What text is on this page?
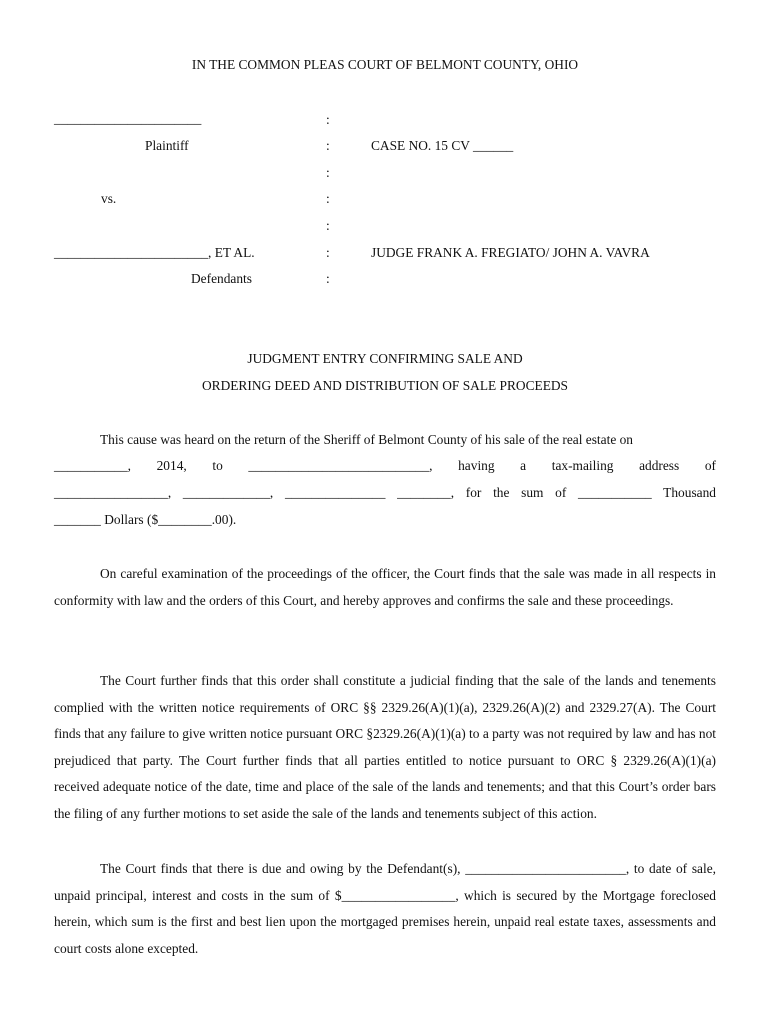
IN THE COMMON PLEAS COURT OF BELMONT COUNTY, OHIO
______________________
Plaintiff
vs.
_______________________, ET AL.
Defendants
:
:
:
:
:
:
:
CASE NO. 15 CV ______
JUDGE FRANK A. FREGIATO/ JOHN A. VAVRA
JUDGMENT ENTRY CONFIRMING SALE AND
ORDERING DEED AND DISTRIBUTION OF SALE PROCEEDS
This cause was heard on the return of the Sheriff of Belmont County of his sale of the real estate on
___________, 2014, to ___________________________, having a tax-mailing address of
_________________, _____________, _______________ ________, for the sum of ___________ Thousand
_______ Dollars ($________.00).
On careful examination of the proceedings of the officer, the Court finds that the sale was made in all respects in conformity with law and the orders of this Court, and hereby approves and confirms the sale and these proceedings.
The Court further finds that this order shall constitute a judicial finding that the sale of the lands and tenements complied with the written notice requirements of ORC §§ 2329.26(A)(1)(a), 2329.26(A)(2) and 2329.27(A). The Court finds that any failure to give written notice pursuant ORC §2329.26(A)(1)(a) to a party was not required by law and has not prejudiced that party. The Court further finds that all parties entitled to notice pursuant to ORC § 2329.26(A)(1)(a) received adequate notice of the date, time and place of the sale of the lands and tenements; and that this Court’s order bars the filing of any further motions to set aside the sale of the lands and tenements subject of this action.
The Court finds that there is due and owing by the Defendant(s), ________________________, to date of sale, unpaid principal, interest and costs in the sum of $_________________, which is secured by the Mortgage foreclosed herein, which sum is the first and best lien upon the mortgaged premises herein, unpaid real estate taxes, assessments and court costs alone excepted.
